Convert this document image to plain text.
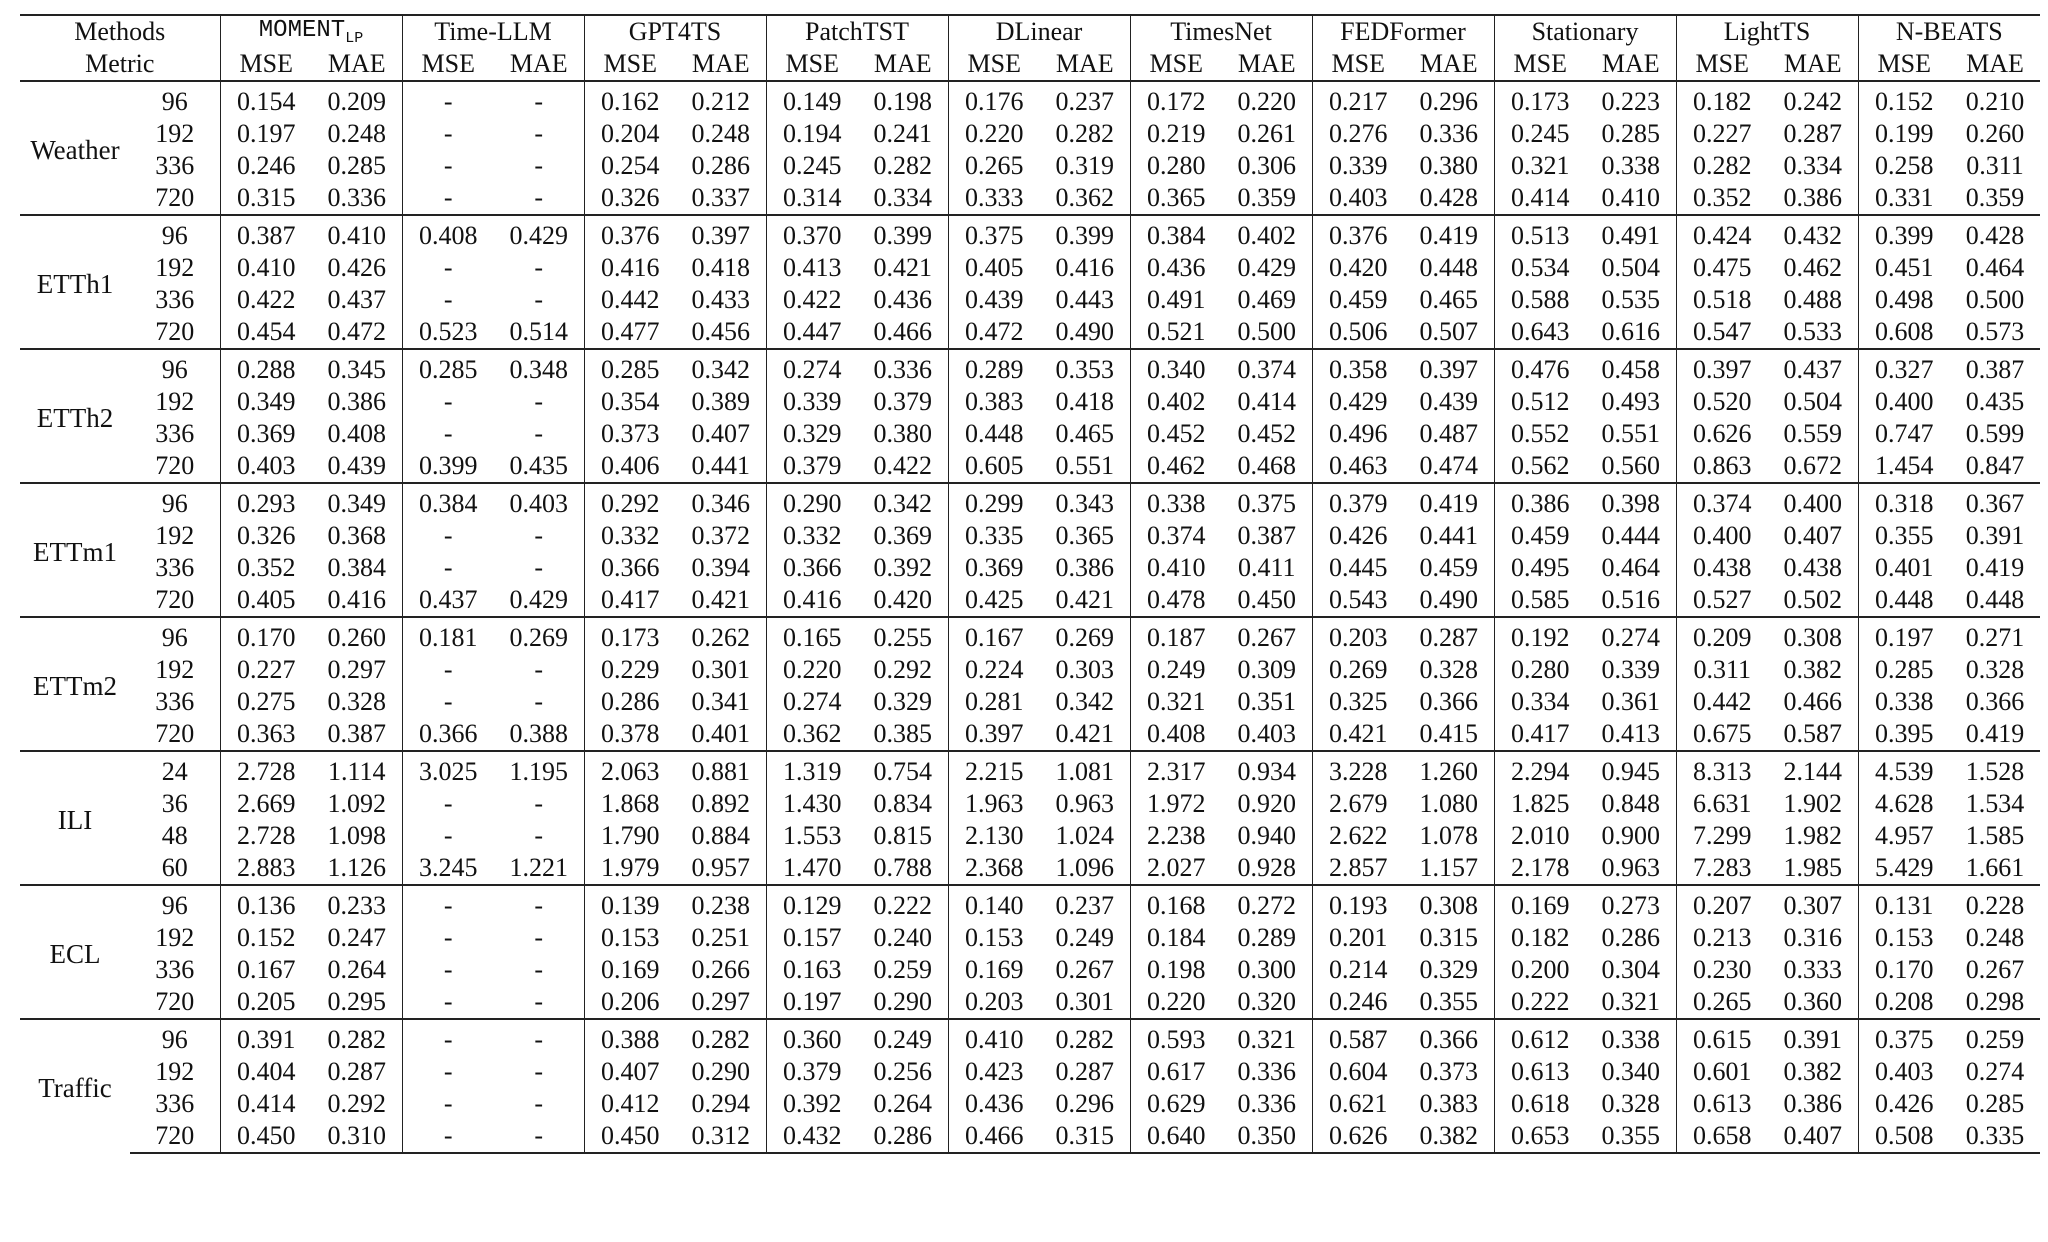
Methods		$MOMENT_{LP}$		Time-LLM		GPT4TS		PatchTST		DLinear		TimesNet		FEDFormer		Stationary		LightTS		N-BEATS	
Metric		MSE	MAE	MSE	MAE	MSE	MAE	MSE	MAE	MSE	MAE	MSE	MAE	MSE	MAE	MSE	MAE	MSE	MAE	MSE	MAE
Weather	96	0.154	0.209	-	-	0.162	0.212	0.149	0.198	0.176	0.237	0.172	0.220	0.217	0.296	0.173	0.223	0.182	0.242	0.152	0.210
	192	0.197	0.248	-	-	0.204	0.248	0.194	0.241	0.220	0.282	0.219	0.261	0.276	0.336	0.245	0.285	0.227	0.287	0.199	0.260
	336	0.246	0.285	-	-	0.254	0.286	0.245	0.282	0.265	0.319	0.280	0.306	0.339	0.380	0.321	0.338	0.282	0.334	0.258	0.311
	720	0.315	0.336	-	-	0.326	0.337	0.314	0.334	0.333	0.362	0.365	0.359	0.403	0.428	0.414	0.410	0.352	0.386	0.331	0.359
ETTh1	96	0.387	0.410	0.408	0.429	0.376	0.397	0.370	0.399	0.375	0.399	0.384	0.402	0.376	0.419	0.513	0.491	0.424	0.432	0.399	0.428
	192	0.410	0.426	-	-	0.416	0.418	0.413	0.421	0.405	0.416	0.436	0.429	0.420	0.448	0.534	0.504	0.475	0.462	0.451	0.464
	336	0.422	0.437	-	-	0.442	0.433	0.422	0.436	0.439	0.443	0.491	0.469	0.459	0.465	0.588	0.535	0.518	0.488	0.498	0.500
	720	0.454	0.472	0.523	0.514	0.477	0.456	0.447	0.466	0.472	0.490	0.521	0.500	0.506	0.507	0.643	0.616	0.547	0.533	0.608	0.573
ETTh2	96	0.288	0.345	0.285	0.348	0.285	0.342	0.274	0.336	0.289	0.353	0.340	0.374	0.358	0.397	0.476	0.458	0.397	0.437	0.327	0.387
	192	0.349	0.386	-	-	0.354	0.389	0.339	0.379	0.383	0.418	0.402	0.414	0.429	0.439	0.512	0.493	0.520	0.504	0.400	0.435
	336	0.369	0.408	-	-	0.373	0.407	0.329	0.380	0.448	0.465	0.452	0.452	0.496	0.487	0.552	0.551	0.626	0.559	0.747	0.599
	720	0.403	0.439	0.399	0.435	0.406	0.441	0.379	0.422	0.605	0.551	0.462	0.468	0.463	0.474	0.562	0.560	0.863	0.672	1.454	0.847
ETTm1	96	0.293	0.349	0.384	0.403	0.292	0.346	0.290	0.342	0.299	0.343	0.338	0.375	0.379	0.419	0.386	0.398	0.374	0.400	0.318	0.367
	192	0.326	0.368	-	-	0.332	0.372	0.332	0.369	0.335	0.365	0.374	0.387	0.426	0.441	0.459	0.444	0.400	0.407	0.355	0.391
	336	0.352	0.384	-	-	0.366	0.394	0.366	0.392	0.369	0.386	0.410	0.411	0.445	0.459	0.495	0.464	0.438	0.438	0.401	0.419
	720	0.405	0.416	0.437	0.429	0.417	0.421	0.416	0.420	0.425	0.421	0.478	0.450	0.543	0.490	0.585	0.516	0.527	0.502	0.448	0.448
ETTm2	96	0.170	0.260	0.181	0.269	0.173	0.262	0.165	0.255	0.167	0.269	0.187	0.267	0.203	0.287	0.192	0.274	0.209	0.308	0.197	0.271
	192	0.227	0.297	-	-	0.229	0.301	0.220	0.292	0.224	0.303	0.249	0.309	0.269	0.328	0.280	0.339	0.311	0.382	0.285	0.328
	336	0.275	0.328	-	-	0.286	0.341	0.274	0.329	0.281	0.342	0.321	0.351	0.325	0.366	0.334	0.361	0.442	0.466	0.338	0.366
	720	0.363	0.387	0.366	0.388	0.378	0.401	0.362	0.385	0.397	0.421	0.408	0.403	0.421	0.415	0.417	0.413	0.675	0.587	0.395	0.419
ILI	24	2.728	1.114	3.025	1.195	2.063	0.881	1.319	0.754	2.215	1.081	2.317	0.934	3.228	1.260	2.294	0.945	8.313	2.144	4.539	1.528
	36	2.669	1.092	-	-	1.868	0.892	1.430	0.834	1.963	0.963	1.972	0.920	2.679	1.080	1.825	0.848	6.631	1.902	4.628	1.534
	48	2.728	1.098	-	-	1.790	0.884	1.553	0.815	2.130	1.024	2.238	0.940	2.622	1.078	2.010	0.900	7.299	1.982	4.957	1.585
	60	2.883	1.126	3.245	1.221	1.979	0.957	1.470	0.788	2.368	1.096	2.027	0.928	2.857	1.157	2.178	0.963	7.283	1.985	5.429	1.661
ECL	96	0.136	0.233	-	-	0.139	0.238	0.129	0.222	0.140	0.237	0.168	0.272	0.193	0.308	0.169	0.273	0.207	0.307	0.131	0.228
	192	0.152	0.247	-	-	0.153	0.251	0.157	0.240	0.153	0.249	0.184	0.289	0.201	0.315	0.182	0.286	0.213	0.316	0.153	0.248
	336	0.167	0.264	-	-	0.169	0.266	0.163	0.259	0.169	0.267	0.198	0.300	0.214	0.329	0.200	0.304	0.230	0.333	0.170	0.267
	720	0.205	0.295	-	-	0.206	0.297	0.197	0.290	0.203	0.301	0.220	0.320	0.246	0.355	0.222	0.321	0.265	0.360	0.208	0.298
Traffic	96	0.391	0.282	-	-	0.388	0.282	0.360	0.249	0.410	0.282	0.593	0.321	0.587	0.366	0.612	0.338	0.615	0.391	0.375	0.259
	192	0.404	0.287	-	-	0.407	0.290	0.379	0.256	0.423	0.287	0.617	0.336	0.604	0.373	0.613	0.340	0.601	0.382	0.403	0.274
	336	0.414	0.292	-	-	0.412	0.294	0.392	0.264	0.436	0.296	0.629	0.336	0.621	0.383	0.618	0.328	0.613	0.386	0.426	0.285
	720	0.450	0.310	-	-	0.450	0.312	0.432	0.286	0.466	0.315	0.640	0.350	0.626	0.382	0.653	0.355	0.658	0.407	0.508	0.335
